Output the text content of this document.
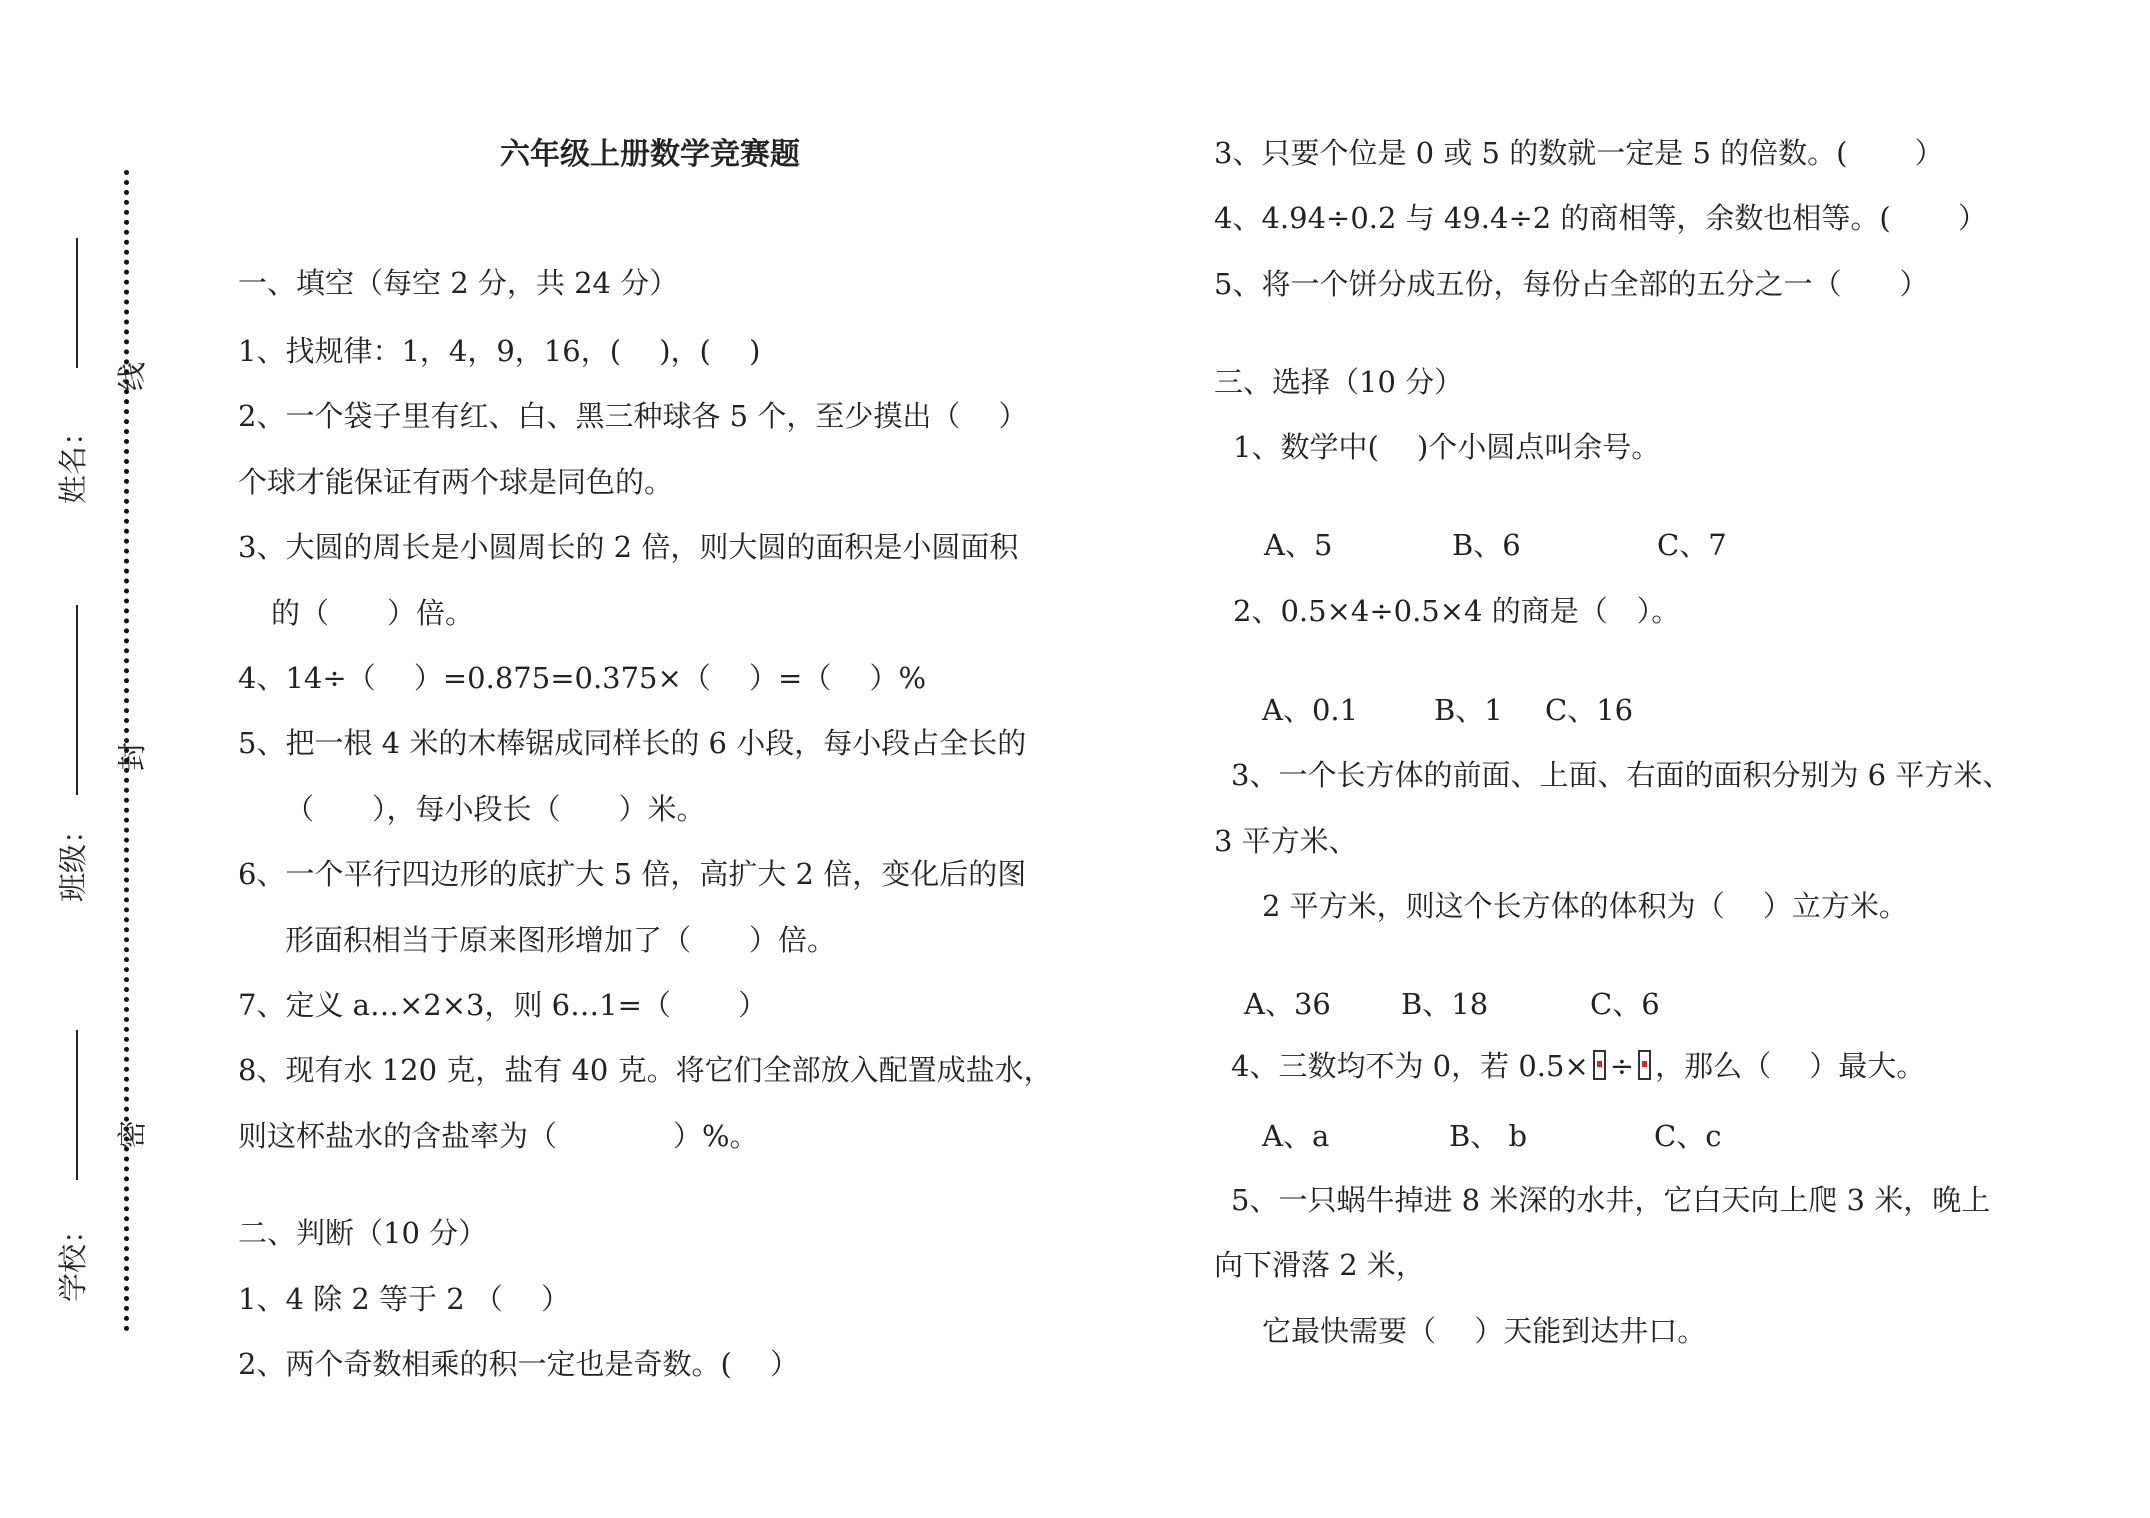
姓名：
班级：
学校：
线
封
密
六年级上册数学竞赛题
一、填空（每空 2 分，共 24 分）
1、找规律：1，4，9，16，(　 )，(　 )
2、一个袋子里有红、白、黑三种球各 5 个，至少摸出（　 ）
个球才能保证有两个球是同色的。
3、大圆的周长是小圆周长的 2 倍，则大圆的面积是小圆面积
的（　　）倍。
4、14÷（　 ）=0.875=0.375×（　 ）=（　 ）%
5、把一根 4 米的木棒锯成同样长的 6 小段，每小段占全长的
（　　），每小段长（　　）米。
6、一个平行四边形的底扩大 5 倍，高扩大 2 倍，变化后的图
形面积相当于原来图形增加了（　　）倍。
7、定义 a…×2×3，则 6…1=（　　 ）
8、现有水 120 克，盐有 40 克。将它们全部放入配置成盐水，
则这杯盐水的含盐率为（　　　　）%。
二、判断（10 分）
1、4 除 2 等于 2 （　 ）
2、两个奇数相乘的积一定也是奇数。(　 ）
3、只要个位是 0 或 5 的数就一定是 5 的倍数。(　　 ）
4、4.94÷0.2 与 49.4÷2 的商相等，余数也相等。(　　 ）
5、将一个饼分成五份，每份占全部的五分之一（　　）
三、选择（10 分）
1、数学中(　 )个小圆点叫余号。
A、5	B、6	C、7
2、0.5×4÷0.5×4 的商是（　）。
A、0.1	B、1 C、16
3、一个长方体的前面、上面、右面的面积分别为 6 平方米、
3 平方米、
2 平方米，则这个长方体的体积为（　 ）立方米。
A、36 B、18	C、6
4、三数均不为 0，若 0.5× ÷ ，那么（　 ）最大。
A、a	B、 b	C、c
5、一只蜗牛掉进 8 米深的水井，它白天向上爬 3 米，晚上
向下滑落 2 米，
它最快需要（　 ）天能到达井口。
